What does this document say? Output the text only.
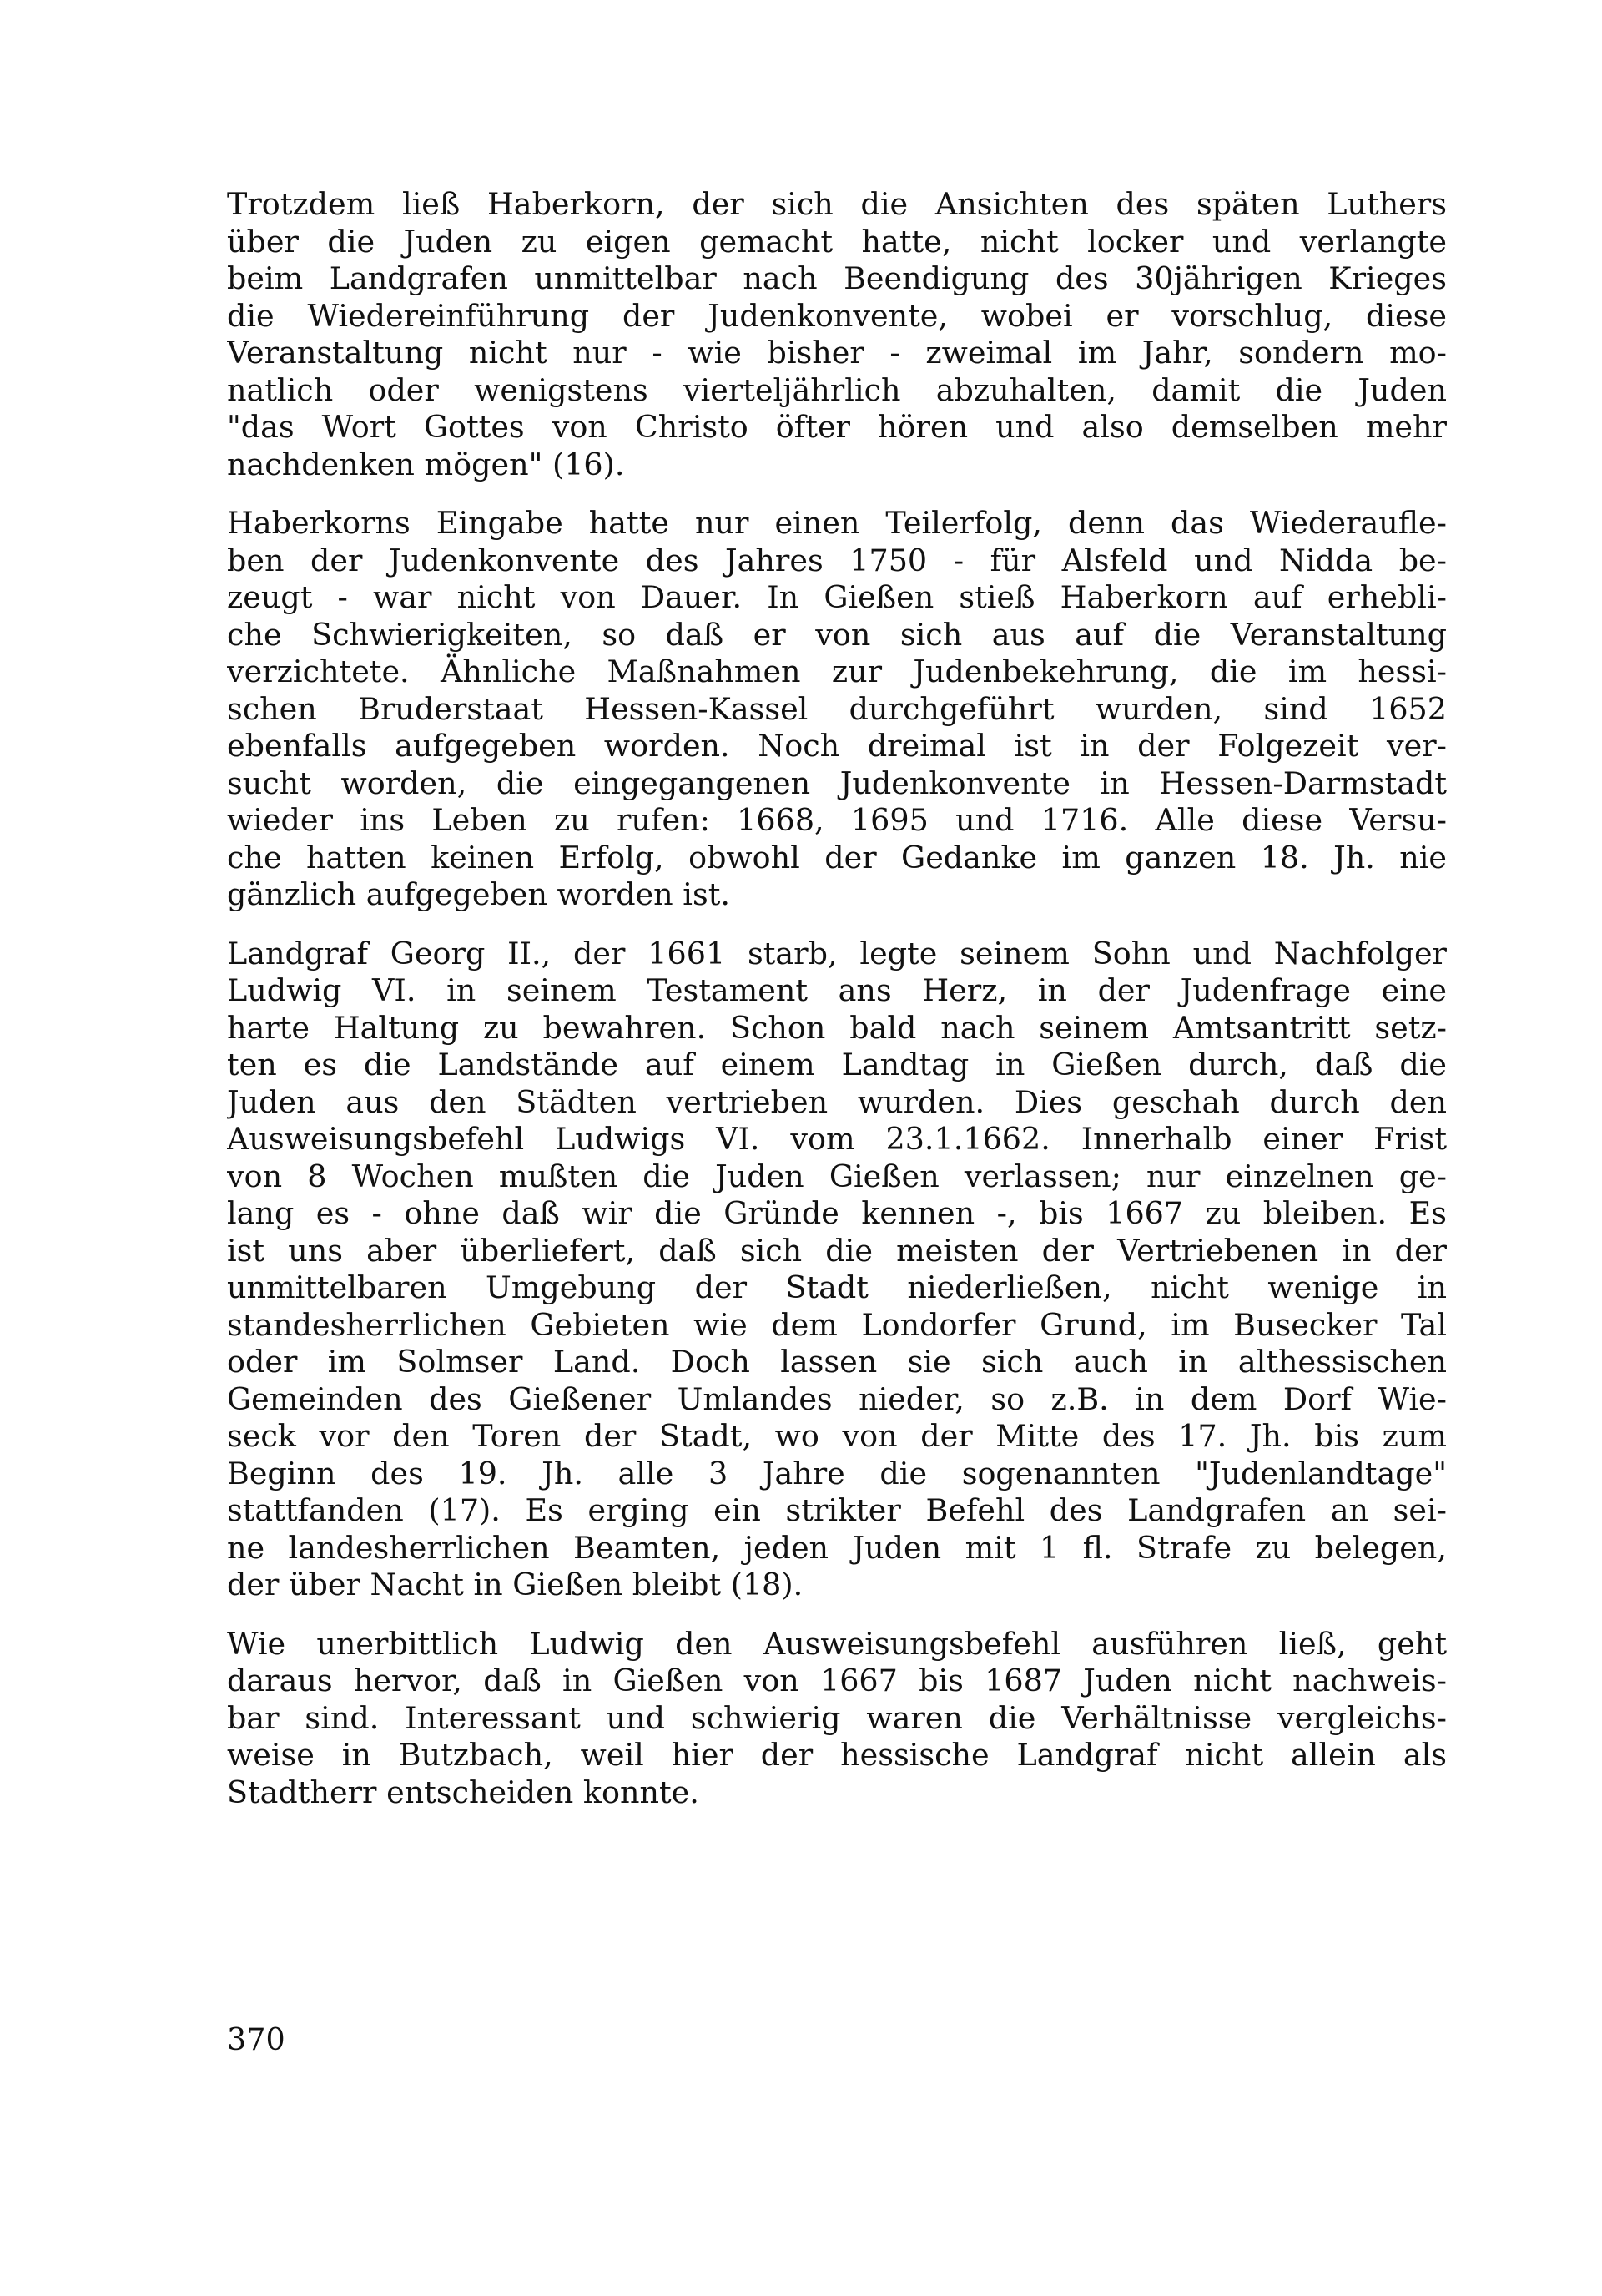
Trotzdem ließ Haberkorn, der sich die Ansichten des späten Luthers
über die Juden zu eigen gemacht hatte, nicht locker und verlangte
beim Landgrafen unmittelbar nach Beendigung des 30jährigen Krieges
die Wiedereinführung der Judenkonvente, wobei er vorschlug, diese
Veranstaltung nicht nur - wie bisher - zweimal im Jahr, sondern mo-
natlich oder wenigstens vierteljährlich abzuhalten, damit die Juden
"das Wort Gottes von Christo öfter hören und also demselben mehr
nachdenken mögen" (16).
Haberkorns Eingabe hatte nur einen Teilerfolg, denn das Wiederaufle-
ben der Judenkonvente des Jahres 1750 - für Alsfeld und Nidda be-
zeugt - war nicht von Dauer. In Gießen stieß Haberkorn auf erhebli-
che Schwierigkeiten, so daß er von sich aus auf die Veranstaltung
verzichtete. Ähnliche Maßnahmen zur Judenbekehrung, die im hessi-
schen Bruderstaat Hessen-Kassel durchgeführt wurden, sind 1652
ebenfalls aufgegeben worden. Noch dreimal ist in der Folgezeit ver-
sucht worden, die eingegangenen Judenkonvente in Hessen-Darmstadt
wieder ins Leben zu rufen: 1668, 1695 und 1716. Alle diese Versu-
che hatten keinen Erfolg, obwohl der Gedanke im ganzen 18. Jh. nie
gänzlich aufgegeben worden ist.
Landgraf Georg II., der 1661 starb, legte seinem Sohn und Nachfolger
Ludwig VI. in seinem Testament ans Herz, in der Judenfrage eine
harte Haltung zu bewahren. Schon bald nach seinem Amtsantritt setz-
ten es die Landstände auf einem Landtag in Gießen durch, daß die
Juden aus den Städten vertrieben wurden. Dies geschah durch den
Ausweisungsbefehl Ludwigs VI. vom 23.1.1662. Innerhalb einer Frist
von 8 Wochen mußten die Juden Gießen verlassen; nur einzelnen ge-
lang es - ohne daß wir die Gründe kennen -, bis 1667 zu bleiben. Es
ist uns aber überliefert, daß sich die meisten der Vertriebenen in der
unmittelbaren Umgebung der Stadt niederließen, nicht wenige in
standesherrlichen Gebieten wie dem Londorfer Grund, im Busecker Tal
oder im Solmser Land. Doch lassen sie sich auch in althessischen
Gemeinden des Gießener Umlandes nieder, so z.B. in dem Dorf Wie-
seck vor den Toren der Stadt, wo von der Mitte des 17. Jh. bis zum
Beginn des 19. Jh. alle 3 Jahre die sogenannten "Judenlandtage"
stattfanden (17). Es erging ein strikter Befehl des Landgrafen an sei-
ne landesherrlichen Beamten, jeden Juden mit 1 fl. Strafe zu belegen,
der über Nacht in Gießen bleibt (18).
Wie unerbittlich Ludwig den Ausweisungsbefehl ausführen ließ, geht
daraus hervor, daß in Gießen von 1667 bis 1687 Juden nicht nachweis-
bar sind. Interessant und schwierig waren die Verhältnisse vergleichs-
weise in Butzbach, weil hier der hessische Landgraf nicht allein als
Stadtherr entscheiden konnte.
370
